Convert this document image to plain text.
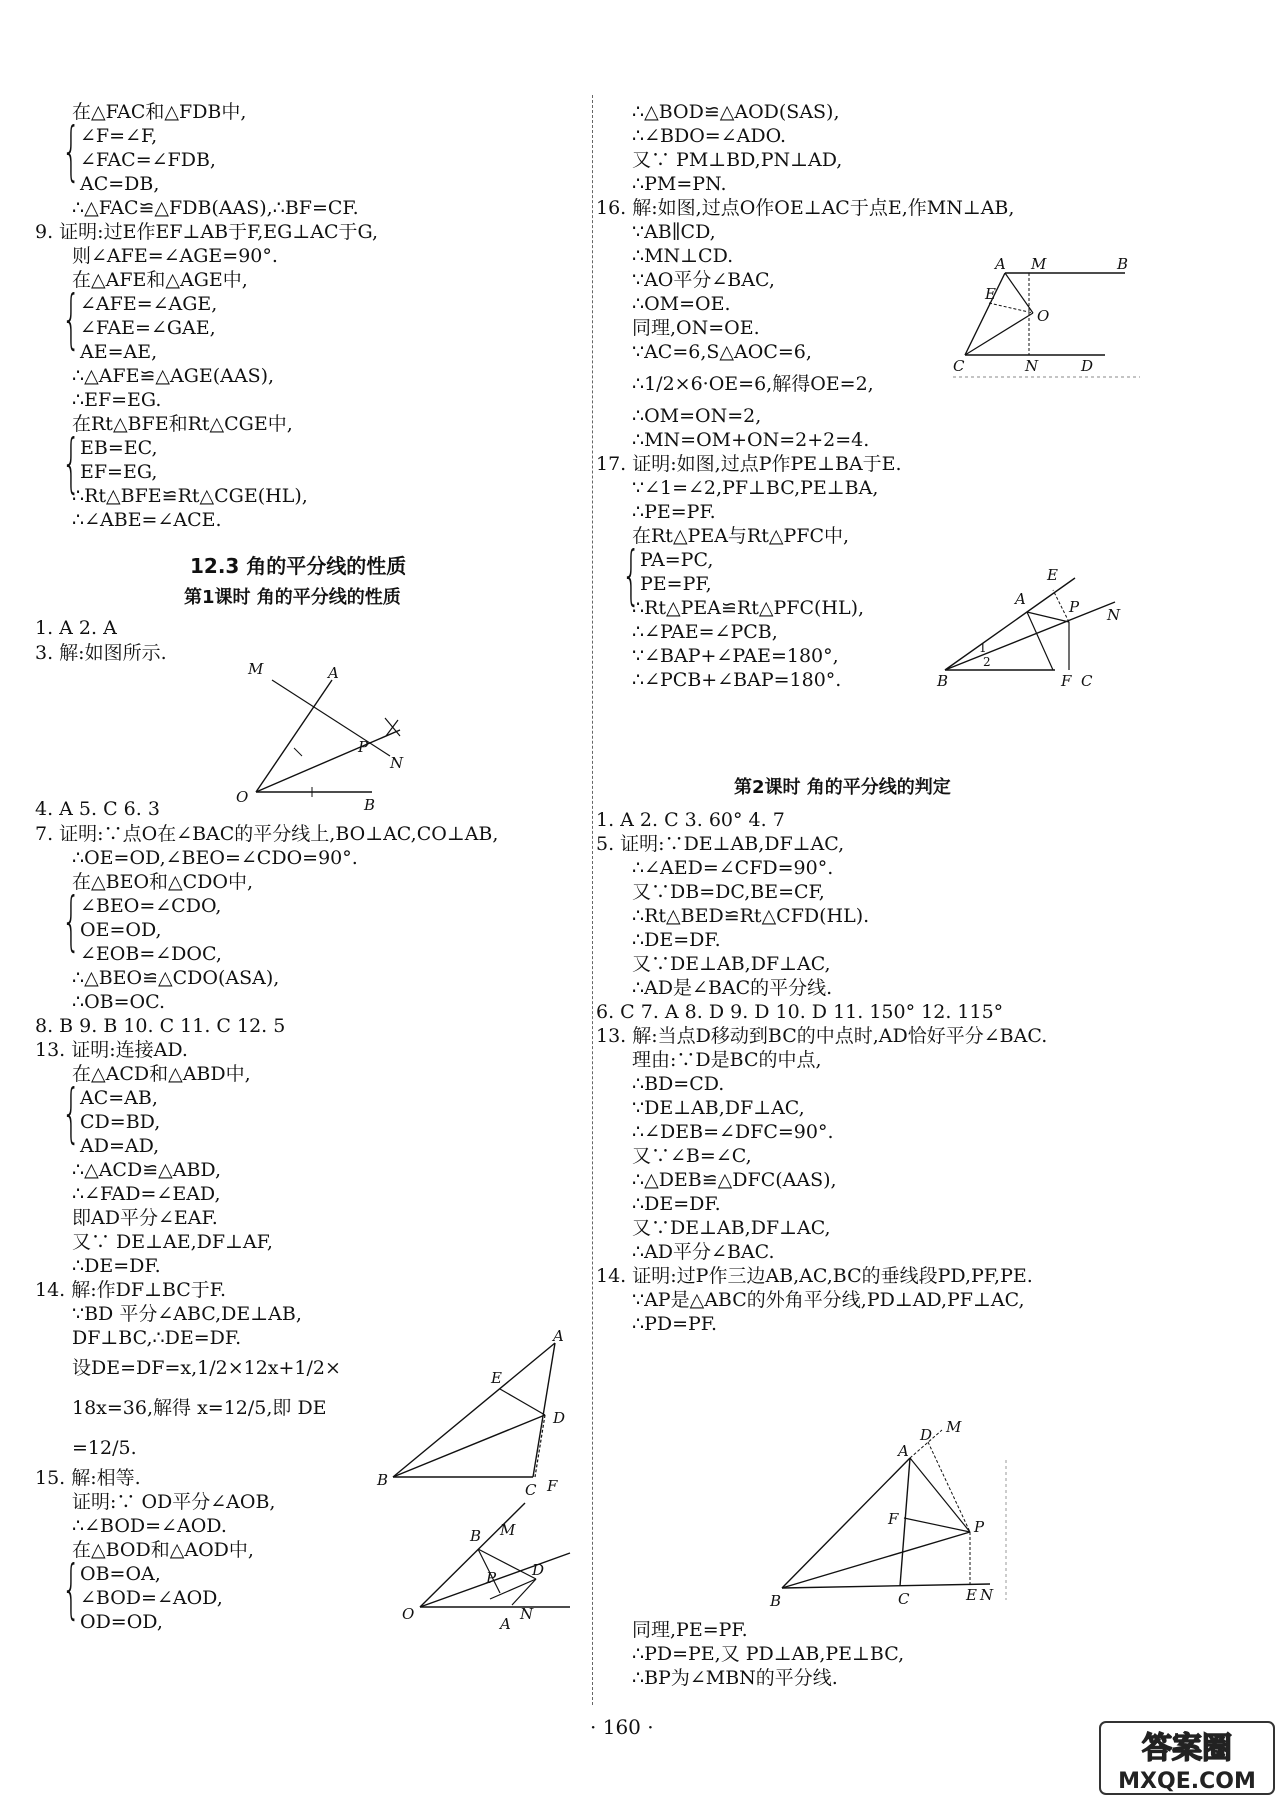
在△FAC和△FDB中,
∠F=∠F,
∠FAC=∠FDB,
AC=DB,
∴△FAC≌△FDB(AAS),∴BF=CF.
9. 证明:过E作EF⊥AB于F,EG⊥AC于G,
则∠AFE=∠AGE=90°.
在△AFE和△AGE中,
∠AFE=∠AGE,
∠FAE=∠GAE,
AE=AE,
∴△AFE≌△AGE(AAS),
∴EF=EG.
在Rt△BFE和Rt△CGE中,
EB=EC,
EF=EG,
∴Rt△BFE≌Rt△CGE(HL),
∴∠ABE=∠ACE.
4. A 5. C 6. 3
7. 证明:∵点O在∠BAC的平分线上,BO⊥AC,CO⊥AB,
∴OE=OD,∠BEO=∠CDO=90°.
在△BEO和△CDO中,
∠BEO=∠CDO,
OE=OD,
∠EOB=∠DOC,
∴△BEO≌△CDO(ASA),
∴OB=OC.
8. B 9. B 10. C 11. C 12. 5
13. 证明:连接AD.
在△ACD和△ABD中,
AC=AB,
CD=BD,
AD=AD,
∴△ACD≌△ABD,
∴∠FAD=∠EAD,
即AD平分∠EAF.
又∵ DE⊥AE,DF⊥AF,
∴DE=DF.
14. 解:作DF⊥BC于F.
∵BD 平分∠ABC,DE⊥AB,
DF⊥BC,∴DE=DF.
设DE=DF=x,1/2×12x+1/2×
18x=36,解得 x=12/5,即 DE
=12/5.
15. 解:相等.
证明:∵ OD平分∠AOB,
∴∠BOD=∠AOD.
在△BOD和△AOD中,
OB=OA,
∠BOD=∠AOD,
OD=OD,
{
{
{
{
{
{
12.3 角的平分线的性质
第1课时 角的平分线的性质
1. A 2. A
3. 解:如图所示.
∴△BOD≌△AOD(SAS),
∴∠BDO=∠ADO.
又∵ PM⊥BD,PN⊥AD,
∴PM=PN.
16. 解:如图,过点O作OE⊥AC于点E,作MN⊥AB,
∵AB∥CD,
∴MN⊥CD.
∵AO平分∠BAC,
∴OM=OE.
同理,ON=OE.
∵AC=6,S△AOC=6,
∴1/2×6·OE=6,解得OE=2,
∴OM=ON=2,
∴MN=OM+ON=2+2=4.
17. 证明:如图,过点P作PE⊥BA于E.
∵∠1=∠2,PF⊥BC,PE⊥BA,
∴PE=PF.
在Rt△PEA与Rt△PFC中,
PA=PC,
PE=PF,
∴Rt△PEA≌Rt△PFC(HL),
∴∠PAE=∠PCB,
∵∠BAP+∠PAE=180°,
∴∠PCB+∠BAP=180°.
1. A 2. C 3. 60° 4. 7
5. 证明:∵DE⊥AB,DF⊥AC,
∴∠AED=∠CFD=90°.
又∵DB=DC,BE=CF,
∴Rt△BED≌Rt△CFD(HL).
∴DE=DF.
又∵DE⊥AB,DF⊥AC,
∴AD是∠BAC的平分线.
6. C 7. A 8. D 9. D 10. D 11. 150° 12. 115°
13. 解:当点D移动到BC的中点时,AD恰好平分∠BAC.
理由:∵D是BC的中点,
∴BD=CD.
∵DE⊥AB,DF⊥AC,
∴∠DEB=∠DFC=90°.
又∵∠B=∠C,
∴△DEB≌△DFC(AAS),
∴DE=DF.
又∵DE⊥AB,DF⊥AC,
∴AD平分∠BAC.
14. 证明:过P作三边AB,AC,BC的垂线段PD,PF,PE.
∵AP是△ABC的外角平分线,PD⊥AD,PF⊥AC,
∴PD=PF.
同理,PE=PF.
∴PD=PE,又 PD⊥AB,PE⊥BC,
∴BP为∠MBN的平分线.
{
第2课时 角的平分线的判定
M	A
P
N
O	B
A
E
D
B
C F
B M
D
P
N
O
A
A M	B
E
O
C	N	D
E
A	P N
1
2
B	F C
M
D
A
F	P
B	C	E N
· 160 ·
答案圈
MXQE.COM
